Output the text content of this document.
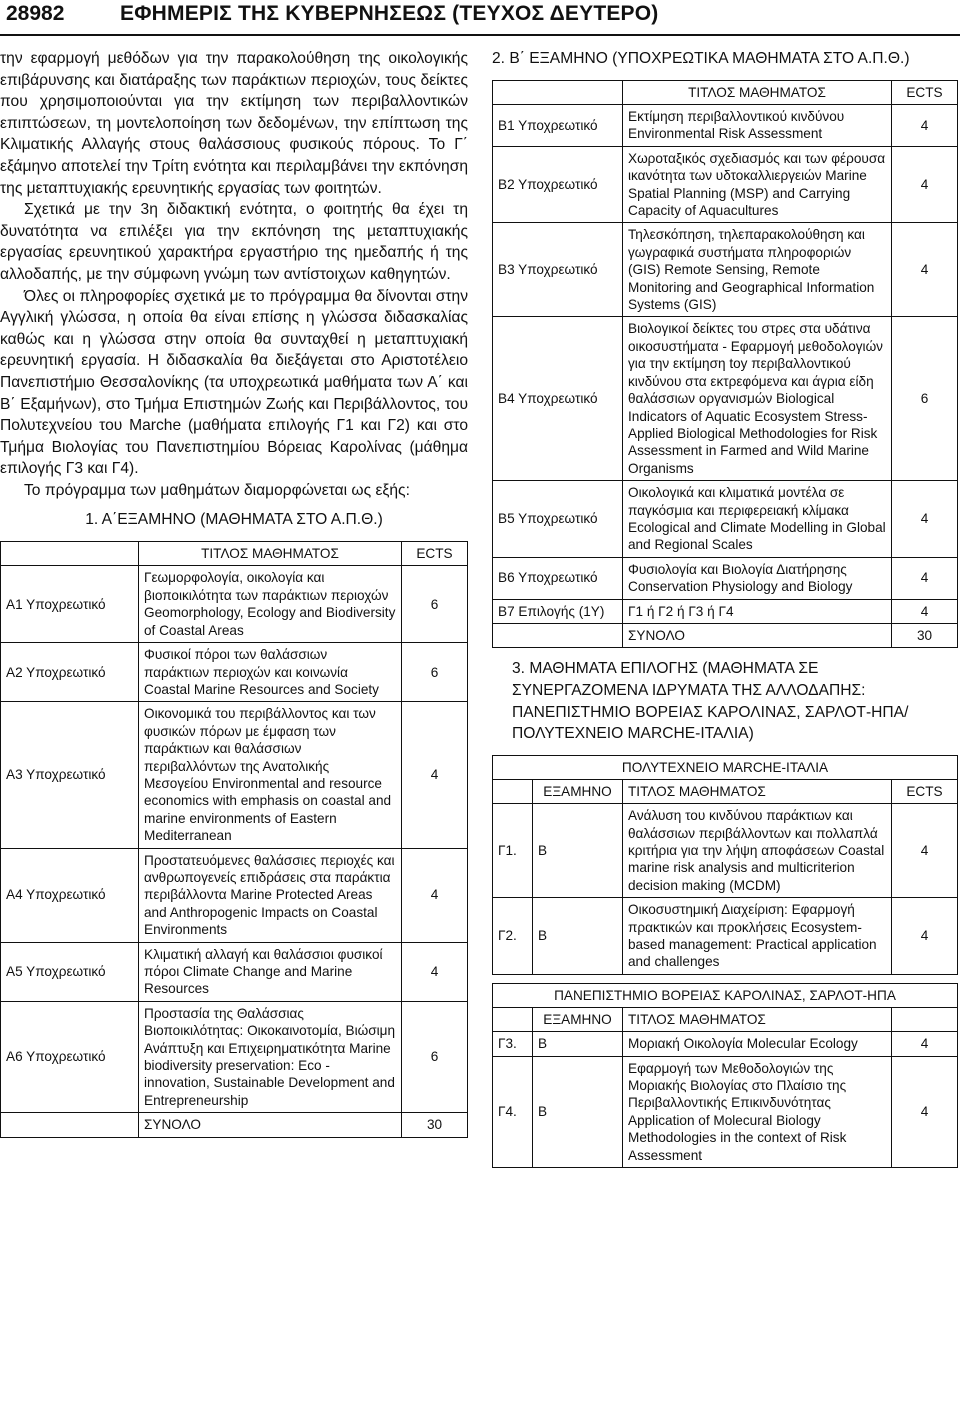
28982	ΕΦΗΜΕΡΙΣ ΤΗΣ ΚΥΒΕΡΝΗΣΕΩΣ (ΤΕΥΧΟΣ ΔΕΥΤΕΡΟ)

την εφαρμογή μεθόδων για την παρακολούθηση της οικολογικής επιβάρυνσης και διατάραξης των παράκτιων περιοχών, τους δείκτες που χρησιμοποιούνται για την εκτίμηση των περιβαλλοντικών επιπτώσεων, τη μοντελοποίηση των δεδομένων, την επίπτωση της Κλιματικής Αλλαγής στους θαλάσσιους φυσικούς πόρους. Το Γ΄ εξάμηνο αποτελεί την Τρίτη ενότητα και περιλαμβάνει την εκπόνηση της μεταπτυχιακής ερευνητικής εργασίας των φοιτητών.

Σχετικά με την 3η διδακτική ενότητα, ο φοιτητής θα έχει τη δυνατότητα να επιλέξει για την εκπόνηση της μεταπτυχιακής εργασίας ερευνητικού χαρακτήρα εργαστήριο της ημεδαπής ή της αλλοδαπής, με την σύμφωνη γνώμη των αντίστοιχων καθηγητών.

Όλες οι πληροφορίες σχετικά με το πρόγραμμα θα δίνονται στην Αγγλική γλώσσα, η οποία θα είναι επίσης η γλώσσα διδασκαλίας καθώς και η γλώσσα στην οποία θα συνταχθεί η μεταπτυχιακή ερευνητική εργασία. Η διδασκαλία θα διεξάγεται στο Αριστοτέλειο Πανεπιστήμιο Θεσσαλονίκης (τα υποχρεωτικά μαθήματα των Α΄ και Β΄ Εξαμήνων), στο Τμήμα Επιστημών Ζωής και Περιβάλλοντος, του Πολυτεχνείου του Marche (μαθήματα επιλογής Γ1 και Γ2) και στο Τμήμα Βιολογίας του Πανεπιστημίου Βόρειας Καρολίνας (μάθημα επιλογής Γ3 και Γ4).

Το πρόγραμμα των μαθημάτων διαμορφώνεται ως εξής:

1. Α΄ΕΞΑΜΗΝΟ (ΜΑΘΗΜΑΤΑ ΣΤΟ Α.Π.Θ.)

	ΤΙΤΛΟΣ ΜΑΘΗΜΑΤΟΣ	ECTS
Α1 Υποχρεωτικό	Γεωμορφολογία, οικολογία και βιοποικιλότητα των παράκτιων περιοχών Geomorphology, Ecology and Biodiversity of Coastal Areas	6
Α2 Υποχρεωτικό	Φυσικοί πόροι των θαλάσσιων παράκτιων περιοχών και κοινωνία Coastal Marine Resources and Society	6
Α3 Υποχρεωτικό	Οικονομικά του περιβάλλοντος και των φυσικών πόρων με έμφαση των παράκτιων και θαλάσσιων περιβαλλόντων της Ανατολικής Μεσογείου Environmental and resource economics with emphasis on coastal and marine environments of Eastern Mediterranean	4
Α4 Υποχρεωτικό	Προστατευόμενες θαλάσσιες περιοχές και ανθρωπογενείς επιδράσεις στα παράκτια περιβάλλοντα Marine Protected Areas and Anthropogenic Impacts on Coastal Environments	4
Α5 Υποχρεωτικό	Κλιματική αλλαγή και θαλάσσιοι φυσικοί πόροι Climate Change and Marine Resources	4
Α6 Υποχρεωτικό	Προστασία της Θαλάσσιας Βιοποικιλότητας: Οικοκαινοτομία, Βιώσιμη Ανάπτυξη και Επιχειρηματικότητα Marine biodiversity preservation: Eco - innovation, Sustainable Development and Entrepreneurship	6
	ΣΥΝΟΛΟ	30

2. Β΄ ΕΞΑΜΗΝΟ (ΥΠΟΧΡΕΩΤΙΚΑ ΜΑΘΗΜΑΤΑ ΣΤΟ Α.Π.Θ.)

	ΤΙΤΛΟΣ ΜΑΘΗΜΑΤΟΣ	ECTS
Β1 Υποχρεωτικό	Εκτίμηση περιβαλλοντικού κινδύνου Environmental Risk Assessment	4
Β2 Υποχρεωτικό	Χωροταξικός σχεδιασμός και των φέρουσα ικανότητα των υδτοκαλλιεργειών Marine Spatial Planning (MSP) and Carrying Capacity of Aquacultures	4
Β3 Υποχρεωτικό	Τηλεσκόπηση, τηλεπαρακολούθηση και γωγραφικά συστήματα πληροφοριών (GIS) Remote Sensing, Remote Monitoring and Geographical Information Systems (GIS)	4
Β4 Υποχρεωτικό	Βιολογικοί δείκτες του στρες στα υδάτινα οικοσυστήματα - Εφαρμογή μεθοδολογιών για την εκτίμηση toy περιβαλλοντικού κινδύνου στα εκτρεφόμενα και άγρια είδη θαλάσσιων οργανισμών Biological Indicators of Aquatic Ecosystem Stress-Applied Biological Methodologies for Risk Assessment in Farmed and Wild Marine Organisms	6
Β5 Υποχρεωτικό	Οικολογικά και κλιματικά μοντέλα σε παγκόσμια και περιφερειακή κλίμακα Ecological and Climate Modelling in Global and Regional Scales	4
Β6 Υποχρεωτικό	Φυσιολογία και Βιολογία Διατήρησης Conservation Physiology and Biology	4
Β7 Επιλογής (1Υ)	Γ1 ή Γ2 ή Γ3 ή Γ4	4
	ΣΥΝΟΛΟ	30

3. ΜΑΘΗΜΑΤΑ ΕΠΙΛΟΓΗΣ (ΜΑΘΗΜΑΤΑ ΣΕ ΣΥΝΕΡΓΑΖΟΜΕΝΑ ΙΔΡΥΜΑΤΑ ΤΗΣ ΑΛΛΟΔΑΠΗΣ: ΠΑΝΕΠΙΣΤΗΜΙΟ ΒΟΡΕΙΑΣ ΚΑΡΟΛΙΝΑΣ, ΣΑΡΛΟΤ-ΗΠΑ/ ΠΟΛΥΤΕΧΝΕΙΟ MARCHE-ΙΤΑΛΙΑ)

ΠΟΛΥΤΕΧΝΕΙΟ MARCHE-ΙΤΑΛΙΑ
	ΕΞΑΜΗΝΟ	ΤΙΤΛΟΣ ΜΑΘΗΜΑΤΟΣ	ECTS
Γ1.	Β	Ανάλυση του κινδύνου παράκτιων και θαλάσσιων περιβάλλοντων και πολλαπλά κριτήρια για την λήψη αποφάσεων Coastal marine risk analysis and multicriterion decision making (MCDM)	4
Γ2.	Β	Οικοσυστημική Διαχείριση: Εφαρμογή πρακτικών και προκλήσεις Ecosystem-based management: Practical application and challenges	4
ΠΑΝΕΠΙΣΤΗΜΙΟ ΒΟΡΕΙΑΣ ΚΑΡΟΛΙΝΑΣ, ΣΑΡΛΟΤ-ΗΠΑ
	ΕΞΑΜΗΝΟ	ΤΙΤΛΟΣ ΜΑΘΗΜΑΤΟΣ	
Γ3.	Β	Μοριακή Οικολογία Molecular Ecology	4
Γ4.	Β	Εφαρμογή των Μεθοδολογιών της Μοριακής Βιολογίας στο Πλαίσιο της Περιβαλλοντικής Επικινδυνότητας Application of Molecural Biology Methodologies in the context of Risk Assessment	4
